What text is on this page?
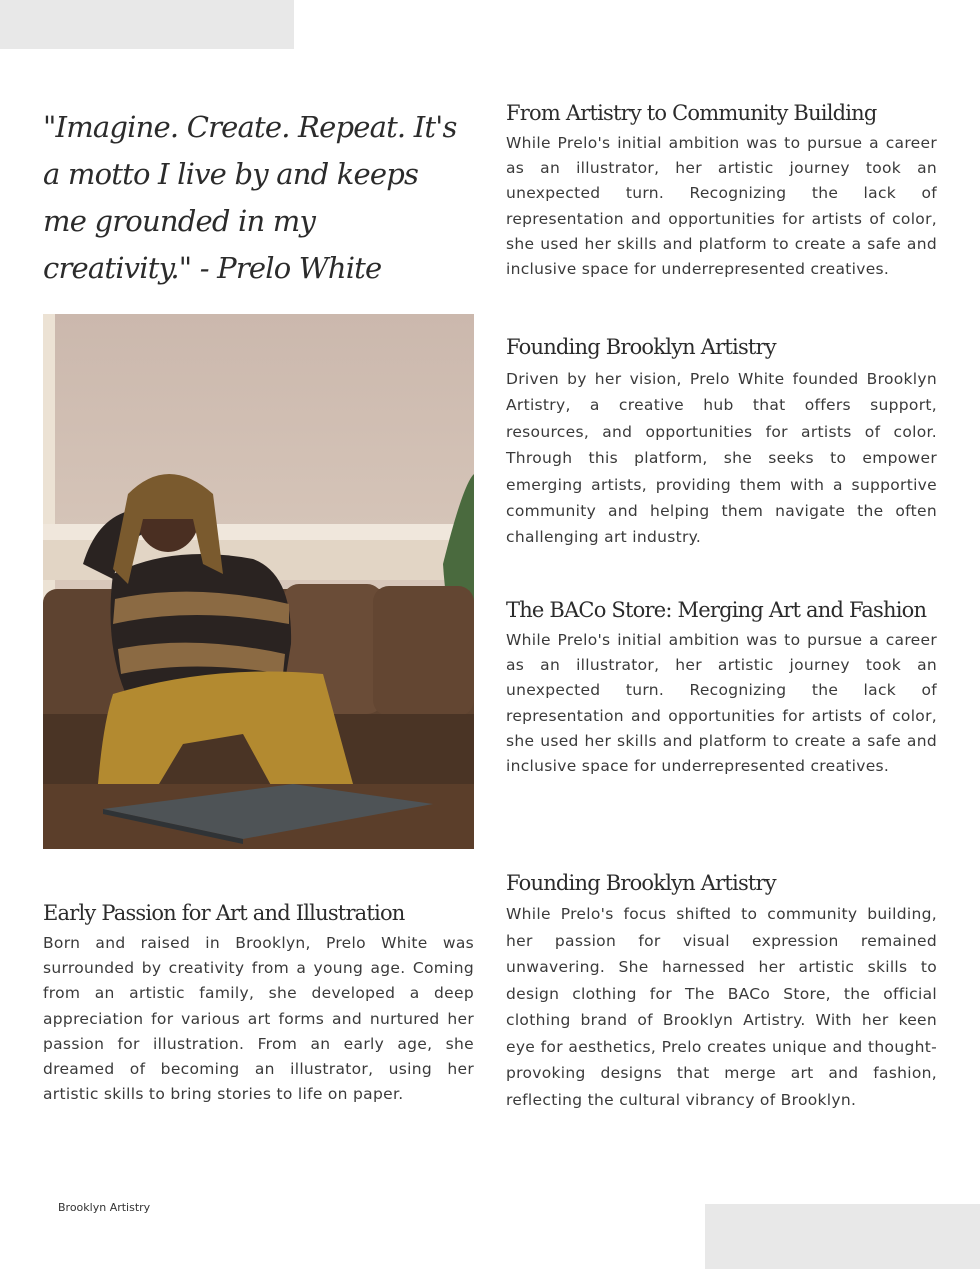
"Imagine. Create. Repeat. It's a motto I live by and keeps me grounded in my creativity." - Prelo White

From Artistry to Community Building

While Prelo's initial ambition was to pursue a career as an illustrator, her artistic journey took an unexpected turn. Recognizing the lack of representation and opportunities for artists of color, she used her skills and platform to create a safe and inclusive space for underrepresented creatives.

Founding Brooklyn Artistry

Driven by her vision, Prelo White founded Brooklyn Artistry, a creative hub that offers support, resources, and opportunities for artists of color. Through this platform, she seeks to empower emerging artists, providing them with a supportive community and helping them navigate the often challenging art industry.

The BACo Store: Merging Art and Fashion

While Prelo's initial ambition was to pursue a career as an illustrator, her artistic journey took an unexpected turn. Recognizing the lack of representation and opportunities for artists of color, she used her skills and platform to create a safe and inclusive space for underrepresented creatives.

Founding Brooklyn Artistry

While Prelo's focus shifted to community building, her passion for visual expression remained unwavering. She harnessed her artistic skills to design clothing for The BACo Store, the official clothing brand of Brooklyn Artistry. With her keen eye for aesthetics, Prelo creates unique and thought-provoking designs that merge art and fashion, reflecting the cultural vibrancy of Brooklyn.

Early Passion for Art and Illustration

Born and raised in Brooklyn, Prelo White was surrounded by creativity from a young age. Coming from an artistic family, she developed a deep appreciation for various art forms and nurtured her passion for illustration. From an early age, she dreamed of becoming an illustrator, using her artistic skills to bring stories to life on paper.

Brooklyn Artistry
